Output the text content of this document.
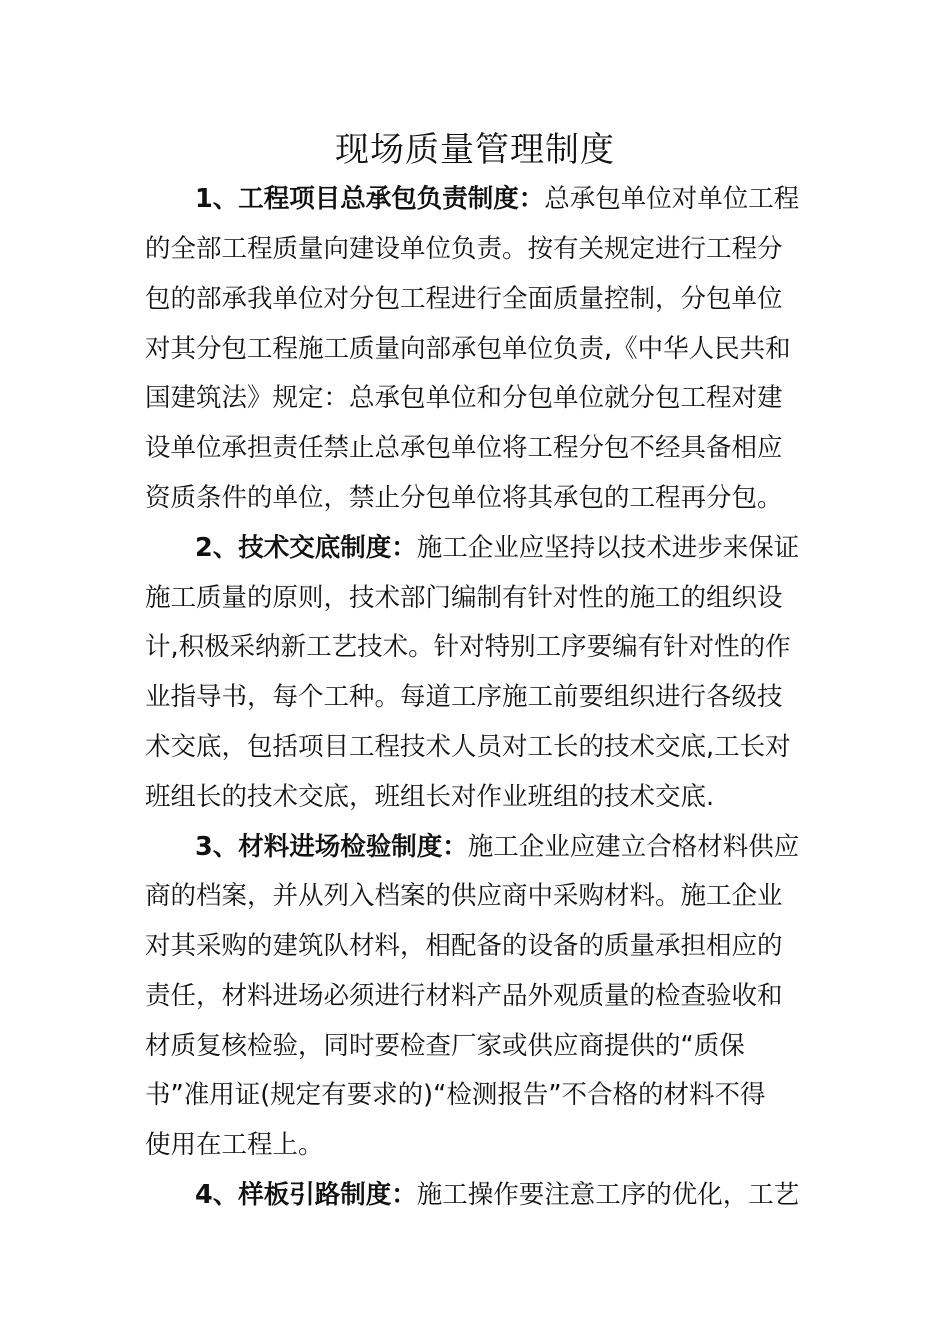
现场质量管理制度
1、工程项目总承包负责制度：总承包单位对单位工程
的全部工程质量向建设单位负责。按有关规定进行工程分
包的部承我单位对分包工程进行全面质量控制，分包单位
对其分包工程施工质量向部承包单位负责,《中华人民共和
国建筑法》规定：总承包单位和分包单位就分包工程对建
设单位承担责任禁止总承包单位将工程分包不经具备相应
资质条件的单位，禁止分包单位将其承包的工程再分包。
2、技术交底制度：施工企业应坚持以技术进步来保证
施工质量的原则，技术部门编制有针对性的施工的组织设
计,积极采纳新工艺技术。针对特别工序要编有针对性的作
业指导书，每个工种。每道工序施工前要组织进行各级技
术交底，包括项目工程技术人员对工长的技术交底,工长对
班组长的技术交底，班组长对作业班组的技术交底.
3、材料进场检验制度：施工企业应建立合格材料供应
商的档案，并从列入档案的供应商中采购材料。施工企业
对其采购的建筑队材料，相配备的设备的质量承担相应的
责任，材料进场必须进行材料产品外观质量的检查验收和
材质复核检验，同时要检查厂家或供应商提供的“质保
书”准用证(规定有要求的)“检测报告”不合格的材料不得
使用在工程上。
4、样板引路制度：施工操作要注意工序的优化，工艺
